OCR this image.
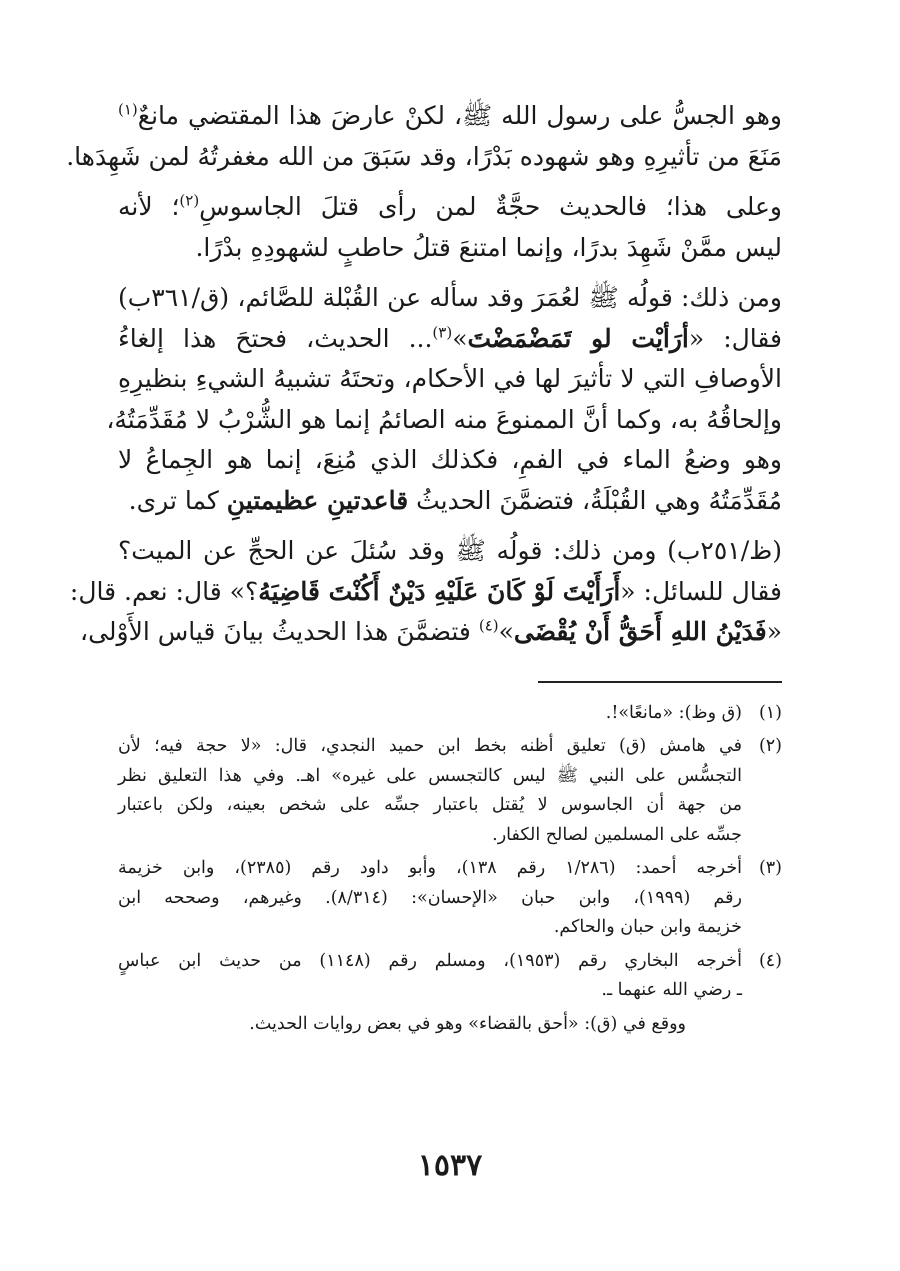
وهو الجسُّ على رسول الله ﷺ، لكنْ عارضَ هذا المقتضي مانعٌ$^{(١)}$
مَنَعَ من تأثيرِهِ وهو شهوده بَدْرًا، وقد سَبَقَ من الله مغفرتُهُ لمن شَهِدَها.
وعلى هذا؛ فالحديث حجَّةٌ لمن رأى قتلَ الجاسوسِ$^{(٢)}$؛ لأنه
ليس ممَّنْ شَهِدَ بدرًا، وإنما امتنعَ قتلُ حاطبٍ لشهودِهِ بدْرًا.
ومن ذلك: قولُه ﷺ لعُمَرَ وقد سأله عن القُبْلة للصَّائم، (ق/٣٦١ب)
فقال: «أرَأيْت لو تَمَضْمَضْتَ»$^{(٣)}$... الحديث، فحتحَ هذا إلغاءُ
الأوصافِ التي لا تأثيرَ لها في الأحكام، وتحتَهُ تشبيهُ الشيءِ بنظيرِهِ
وإلحاقُهُ به، وكما أنَّ الممنوعَ منه الصائمُ إنما هو الشُّرْبُ لا مُقَدِّمَتُهُ،
وهو وضعُ الماء في الفمِ، فكذلك الذي مُنِعَ، إنما هو الجِماعُ لا
مُقَدِّمَتُهُ وهي القُبْلَةُ، فتضمَّنَ الحديثُ قاعدتينِ عظيمتينِ كما ترى.
(ظ/٢٥١ب) ومن ذلك: قولُه ﷺ وقد سُئلَ عن الحجِّ عن الميت؟
فقال للسائل: «أَرَأَيْتَ لَوْ كَانَ عَلَيْهِ دَيْنٌ أَكُنْتَ قَاضِيَهُ؟» قال: نعم. قال:
«فَدَيْنُ اللهِ أَحَقُّ أَنْ يُقْضَى»$^{(٤)}$ فتضمَّنَ هذا الحديثُ بيانَ قياس الأَوْلى،
(١)
(ق وظ): «مانعًا»!.
(٢)
في هامش (ق) تعليق أظنه بخط ابن حميد النجدي، قال: «لا حجة فيه؛ لأن
التجسُّس على النبي ﷺ ليس كالتجسس على غيره» اهـ. وفي هذا التعليق نظر
من جهة أن الجاسوس لا يُقتل باعتبار جسِّه على شخص بعينه، ولكن باعتبار
جسِّه على المسلمين لصالح الكفار.
(٣)
أخرجه أحمد: (١/٢٨٦ رقم ١٣٨)، وأبو داود رقم (٢٣٨٥)، وابن خزيمة
رقم (١٩٩٩)، وابن حبان «الإحسان»: (٨/٣١٤). وغيرهم، وصححه ابن
خزيمة وابن حبان والحاكم.
(٤)
أخرجه البخاري رقم (١٩٥٣)، ومسلم رقم (١١٤٨) من حديث ابن عباسٍ
ـ رضي الله عنهما ـ.
ووقع في (ق): «أحق بالقضاء» وهو في بعض روايات الحديث.
١٥٣٧
